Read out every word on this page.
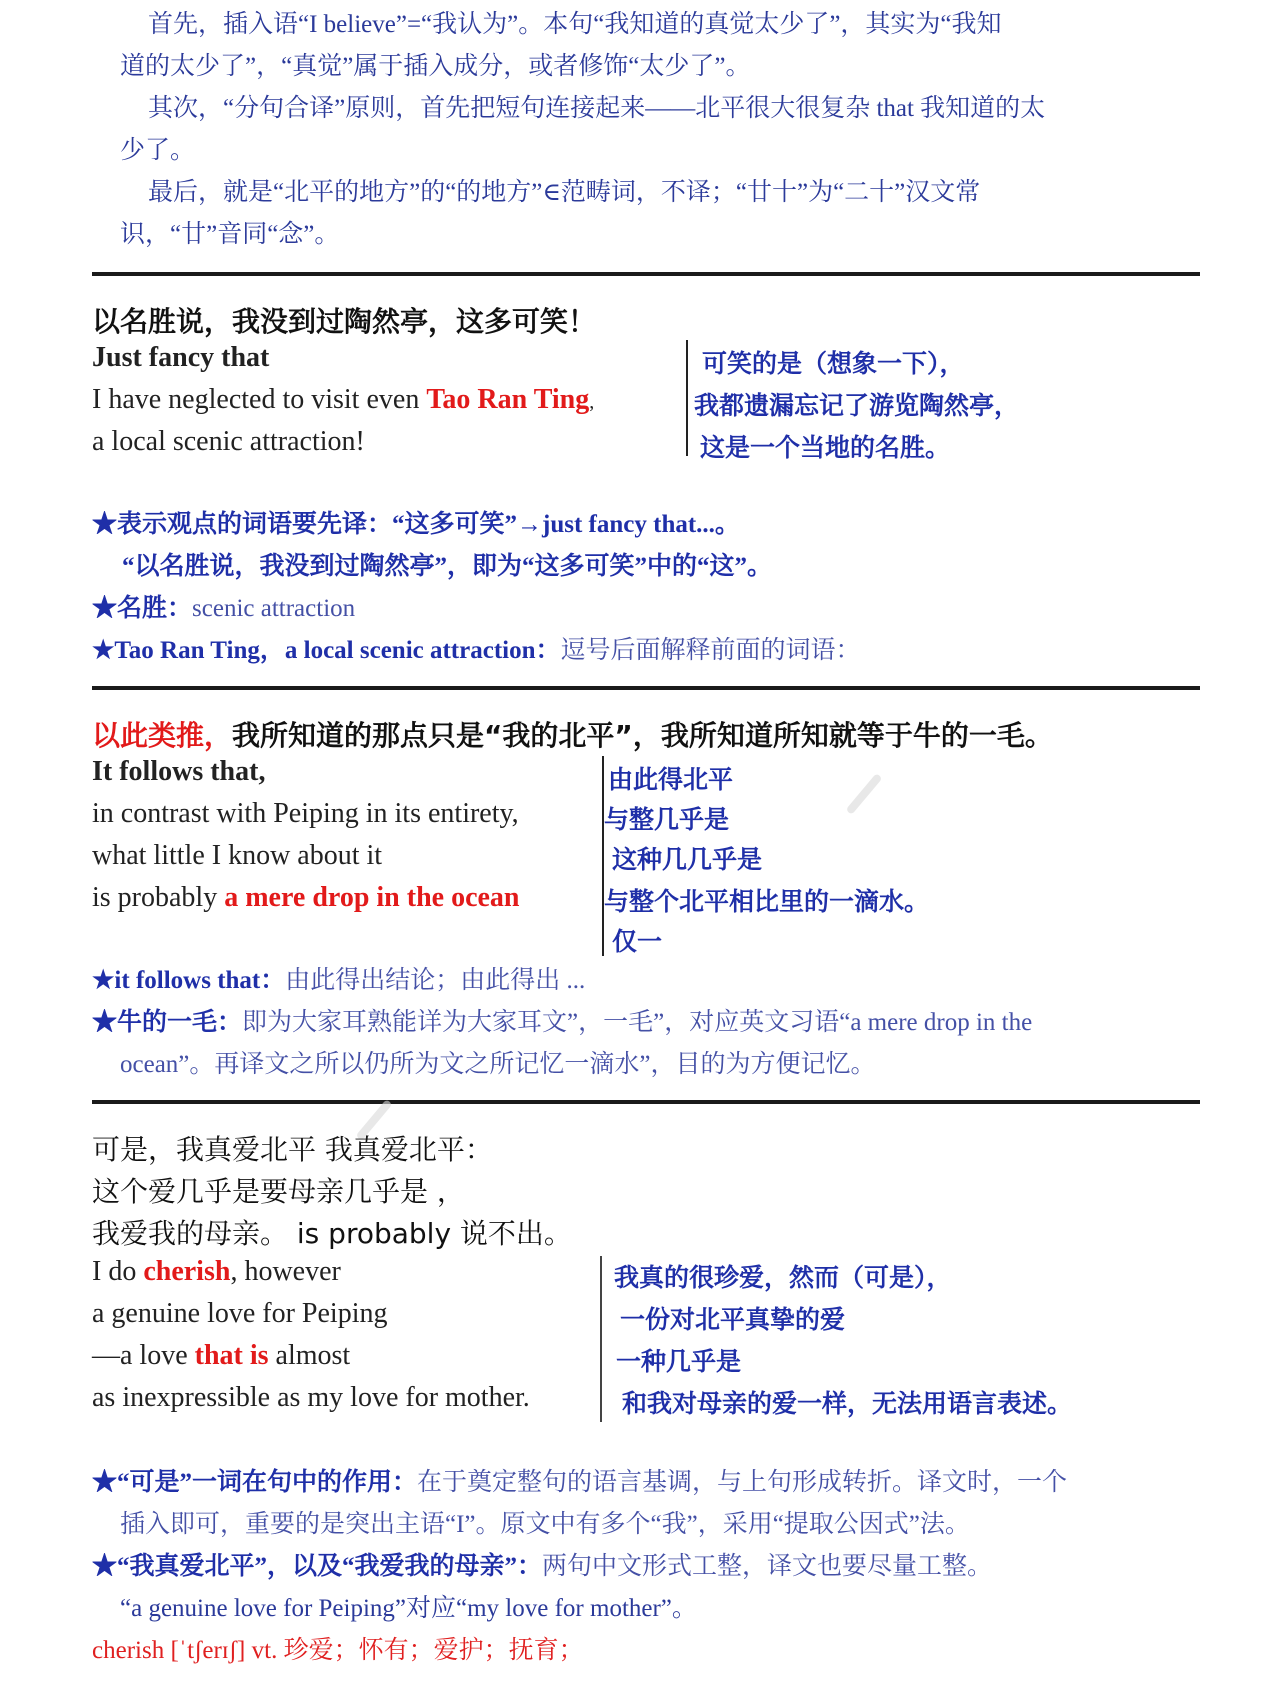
首先，插入语“I believe”=“我认为”。本句“我知道的真觉太少了”，其实为“我知
道的太少了”，“真觉”属于插入成分，或者修饰“太少了”。
其次，“分句合译”原则，首先把短句连接起来——北平很大很复杂 that 我知道的太
少了。
最后，就是“北平的地方”的“的地方”∈范畴词，不译；“廿十”为“二十”汉文常
识，“廿”音同“念”。
以名胜说，我没到过陶然亭，这多可笑！
Just fancy that
I have neglected to visit even Tao Ran Ting,
a local scenic attraction!
可笑的是（想象一下），
我都遗漏忘记了游览陶然亭，
这是一个当地的名胜。
★表示观点的词语要先译：“这多可笑”→just fancy that...。
“以名胜说，我没到过陶然亭”，即为“这多可笑”中的“这”。
★名胜：scenic attraction
★Tao Ran Ting，a local scenic attraction：逗号后面解释前面的词语：
以此类推，我所知道的那点只是“我的北平”，我所知道所知就等于牛的一毛。
It follows that,
in contrast with Peiping in its entirety,
what little I know about it
is probably a mere drop in the ocean
由此得北平
与整几乎是
这种几几乎是
与整个北平相比里的一滴水。
仅一
★it follows that：由此得出结论；由此得出 ...
★牛的一毛：即为大家耳熟能详为大家耳文”，一毛”，对应英文习语“a mere drop in the
ocean”。再译文之所以仍所为文之所记忆一滴水”，目的为方便记忆。
可是，我真爱北平 我真爱北平：
这个爱几乎是要母亲几乎是 ，
我爱我的母亲。 is probably 说不出。
I do cherish, however
a genuine love for Peiping
—a love that is almost
as inexpressible as my love for mother.
我真的很珍爱，然而（可是），
一份对北平真挚的爱
一种几乎是
和我对母亲的爱一样，无法用语言表述。
★“可是”一词在句中的作用：在于奠定整句的语言基调，与上句形成转折。译文时，一个
插入即可，重要的是突出主语“I”。原文中有多个“我”，采用“提取公因式”法。
★“我真爱北平”，以及“我爱我的母亲”：两句中文形式工整，译文也要尽量工整。
“a genuine love for Peiping”对应“my love for mother”。
cherish [ˈtʃerɪʃ] vt. 珍爱；怀有；爱护；抚育；
